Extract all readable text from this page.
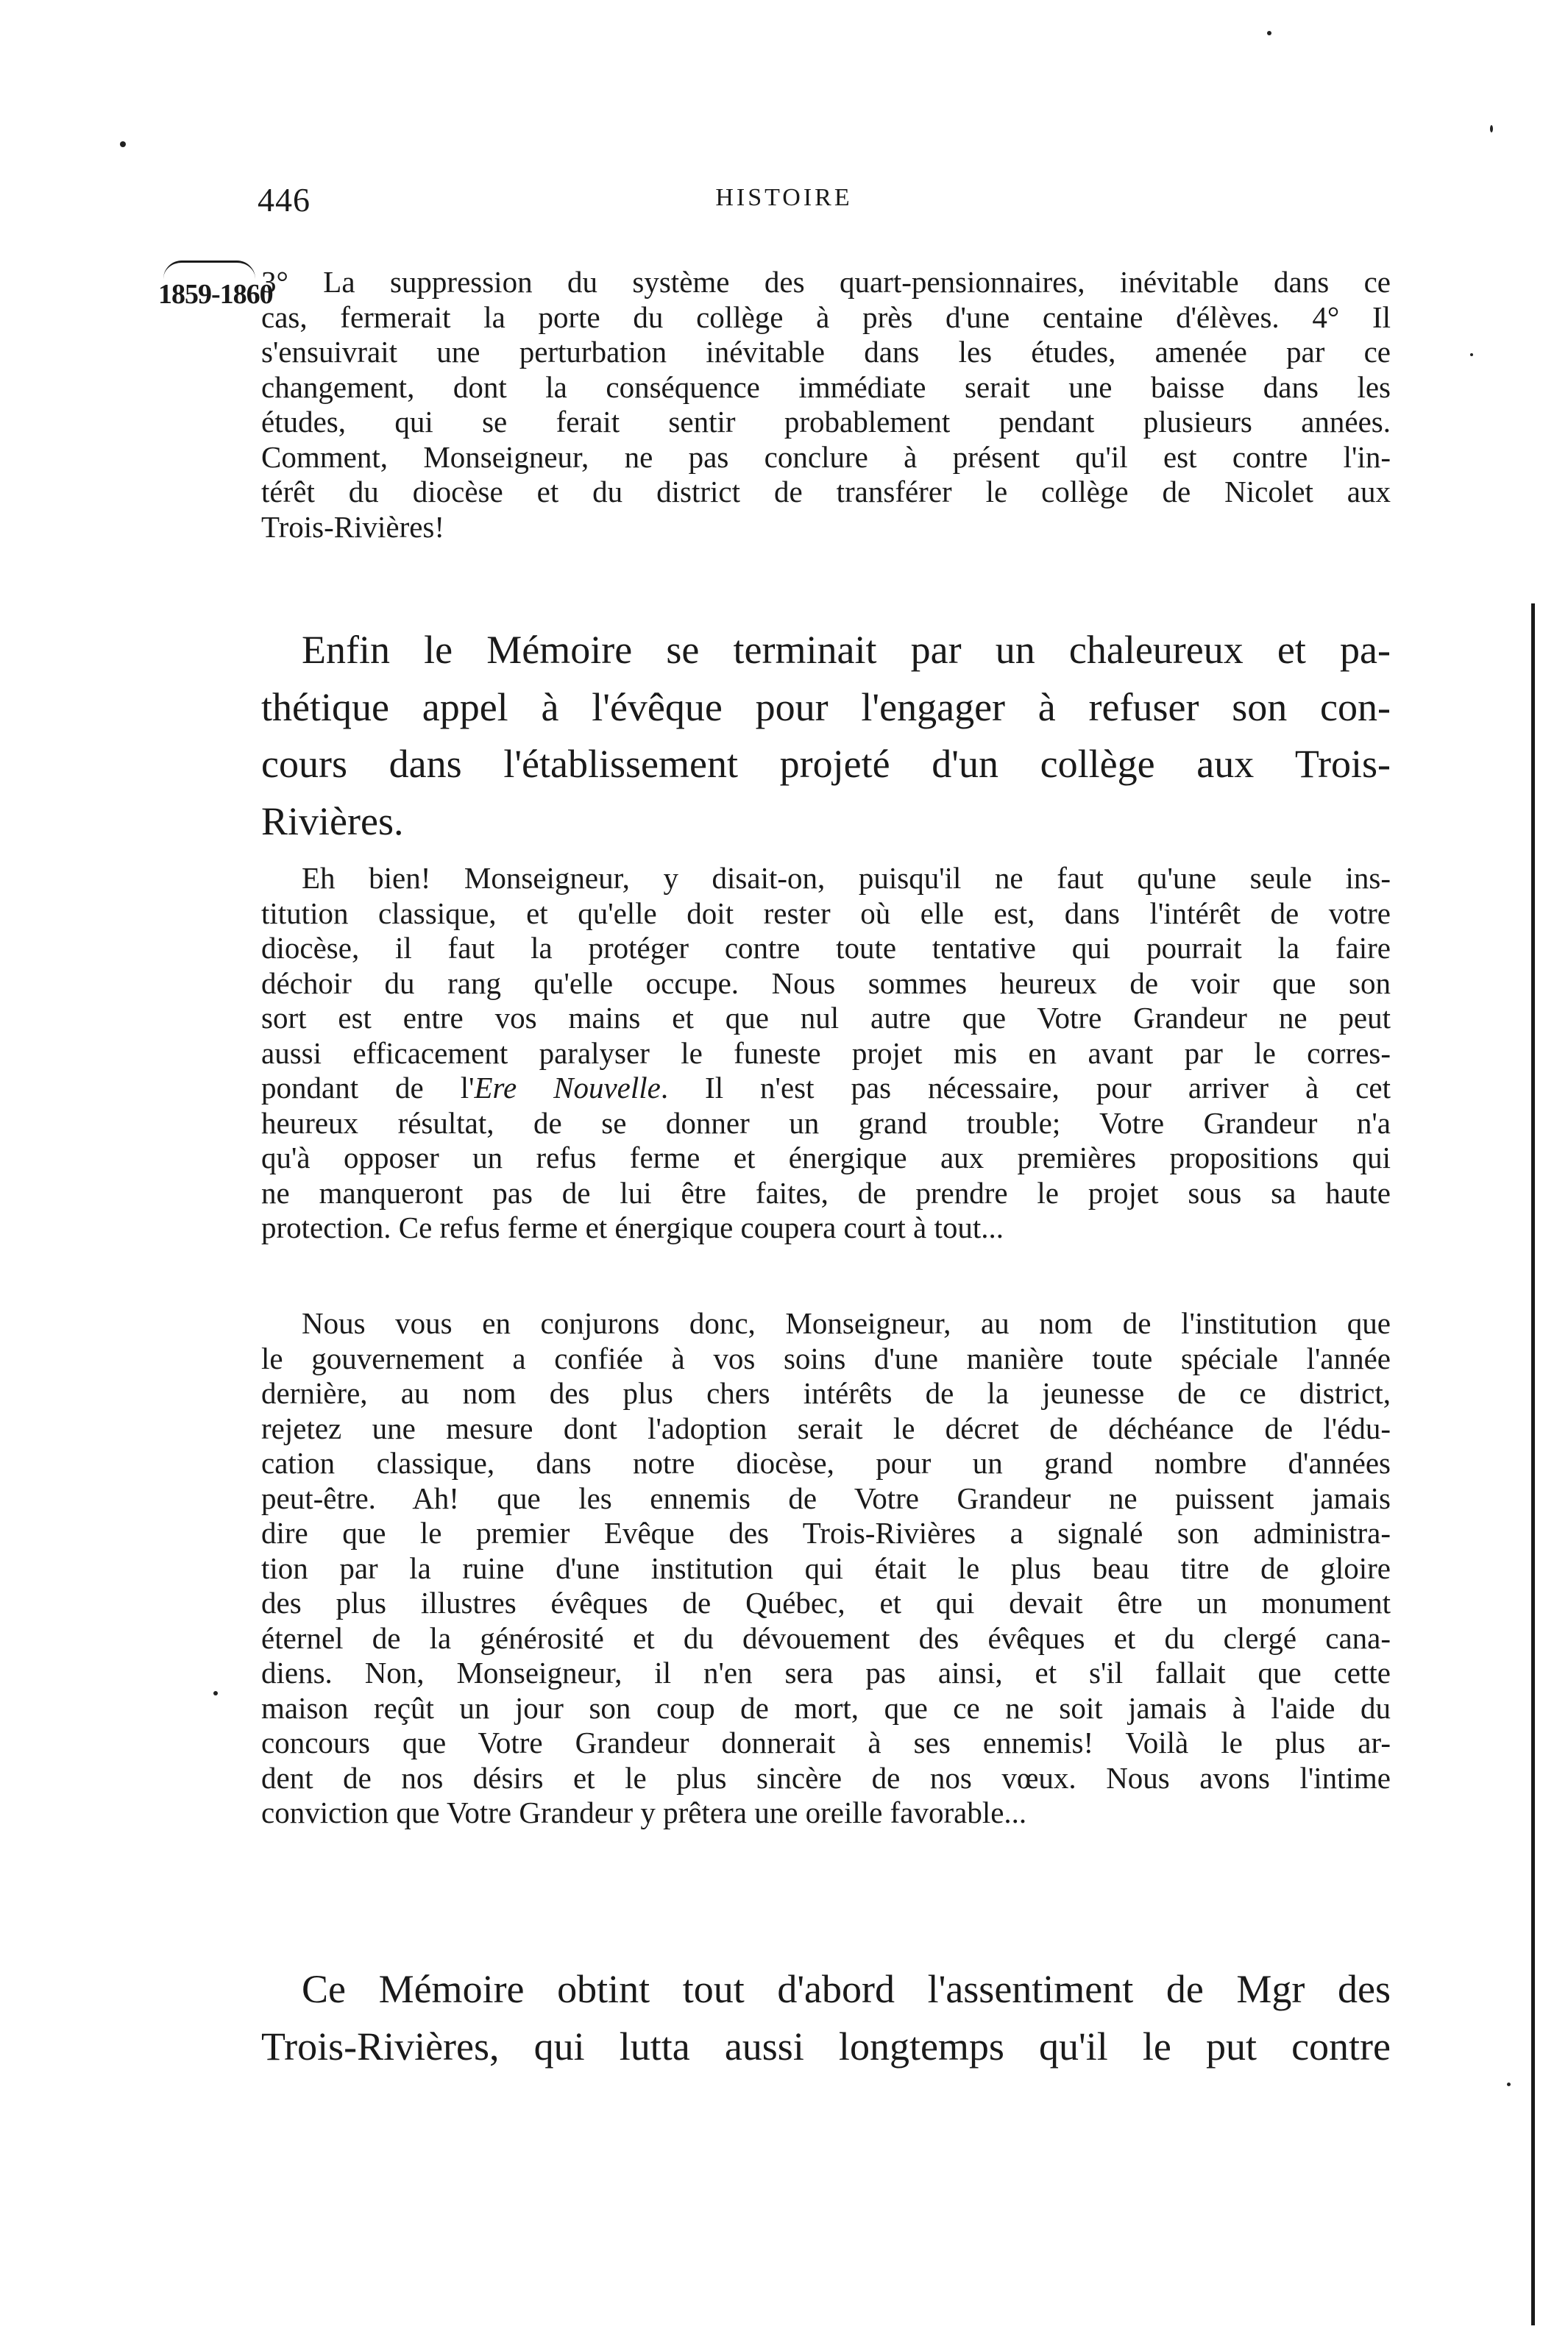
446	HISTOIRE
1859-1860
3° La suppression du système des quart-pensionnaires, inévitable dans ce
cas, fermerait la porte du collège à près d'une centaine d'élèves. 4° Il
s'ensuivrait une perturbation inévitable dans les études, amenée par ce
changement, dont la conséquence immédiate serait une baisse dans les
études, qui se ferait sentir probablement pendant plusieurs années.
Comment, Monseigneur, ne pas conclure à présent qu'il est contre l'in-
térêt du diocèse et du district de transférer le collège de Nicolet aux
Trois-Rivières!
Enfin le Mémoire se terminait par un chaleureux et pa-
thétique appel à l'évêque pour l'engager à refuser son con-
cours dans l'établissement projeté d'un collège aux Trois-
Rivières.
Eh bien! Monseigneur, y disait-on, puisqu'il ne faut qu'une seule ins-
titution classique, et qu'elle doit rester où elle est, dans l'intérêt de votre
diocèse, il faut la protéger contre toute tentative qui pourrait la faire
déchoir du rang qu'elle occupe. Nous sommes heureux de voir que son
sort est entre vos mains et que nul autre que Votre Grandeur ne peut
aussi efficacement paralyser le funeste projet mis en avant par le corres-
pondant de l'Ere Nouvelle. Il n'est pas nécessaire, pour arriver à cet
heureux résultat, de se donner un grand trouble; Votre Grandeur n'a
qu'à opposer un refus ferme et énergique aux premières propositions qui
ne manqueront pas de lui être faites, de prendre le projet sous sa haute
protection. Ce refus ferme et énergique coupera court à tout...
Nous vous en conjurons donc, Monseigneur, au nom de l'institution que
le gouvernement a confiée à vos soins d'une manière toute spéciale l'année
dernière, au nom des plus chers intérêts de la jeunesse de ce district,
rejetez une mesure dont l'adoption serait le décret de déchéance de l'édu-
cation classique, dans notre diocèse, pour un grand nombre d'années
peut-être. Ah! que les ennemis de Votre Grandeur ne puissent jamais
dire que le premier Evêque des Trois-Rivières a signalé son administra-
tion par la ruine d'une institution qui était le plus beau titre de gloire
des plus illustres évêques de Québec, et qui devait être un monument
éternel de la générosité et du dévouement des évêques et du clergé cana-
diens. Non, Monseigneur, il n'en sera pas ainsi, et s'il fallait que cette
maison reçût un jour son coup de mort, que ce ne soit jamais à l'aide du
concours que Votre Grandeur donnerait à ses ennemis! Voilà le plus ar-
dent de nos désirs et le plus sincère de nos vœux. Nous avons l'intime
conviction que Votre Grandeur y prêtera une oreille favorable...
Ce Mémoire obtint tout d'abord l'assentiment de Mgr des
Trois-Rivières, qui lutta aussi longtemps qu'il le put contre
